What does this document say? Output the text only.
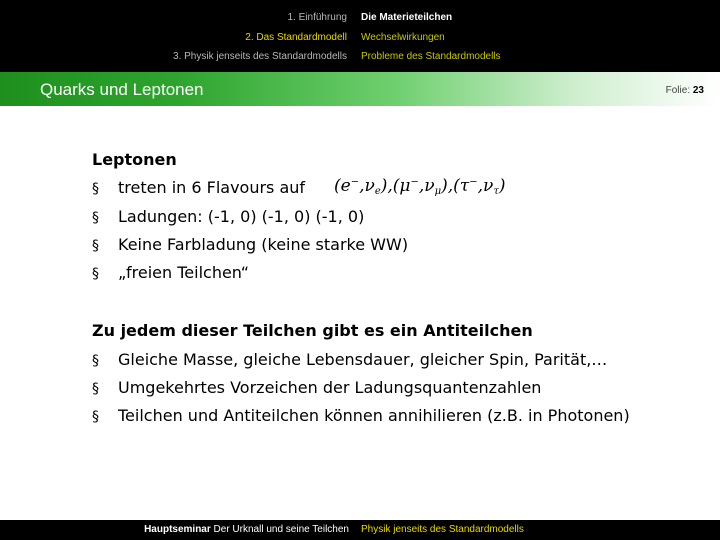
1. Einführung
2. Das Standardmodell
3. Physik jenseits des Standardmodells
Die Materieteilchen
Wechselwirkungen
Probleme des Standardmodells
Quarks und Leptonen	Folie: 23
Leptonen
§ treten in 6 Flavours auf $(e^-,\nu_e),(\mu^-,\nu_\mu),(\tau^-,\nu_\tau)$
§ Ladungen: (-1, 0) (-1, 0) (-1, 0)
§ Keine Farbladung (keine starke WW)
§ „freien Teilchen“
Zu jedem dieser Teilchen gibt es ein Antiteilchen
§ Gleiche Masse, gleiche Lebensdauer, gleicher Spin, Parität,…
§ Umgekehrtes Vorzeichen der Ladungsquantenzahlen
§ Teilchen und Antiteilchen können annihilieren (z.B. in Photonen)
Hauptseminar Der Urknall und seine Teilchen	Physik jenseits des Standardmodells
